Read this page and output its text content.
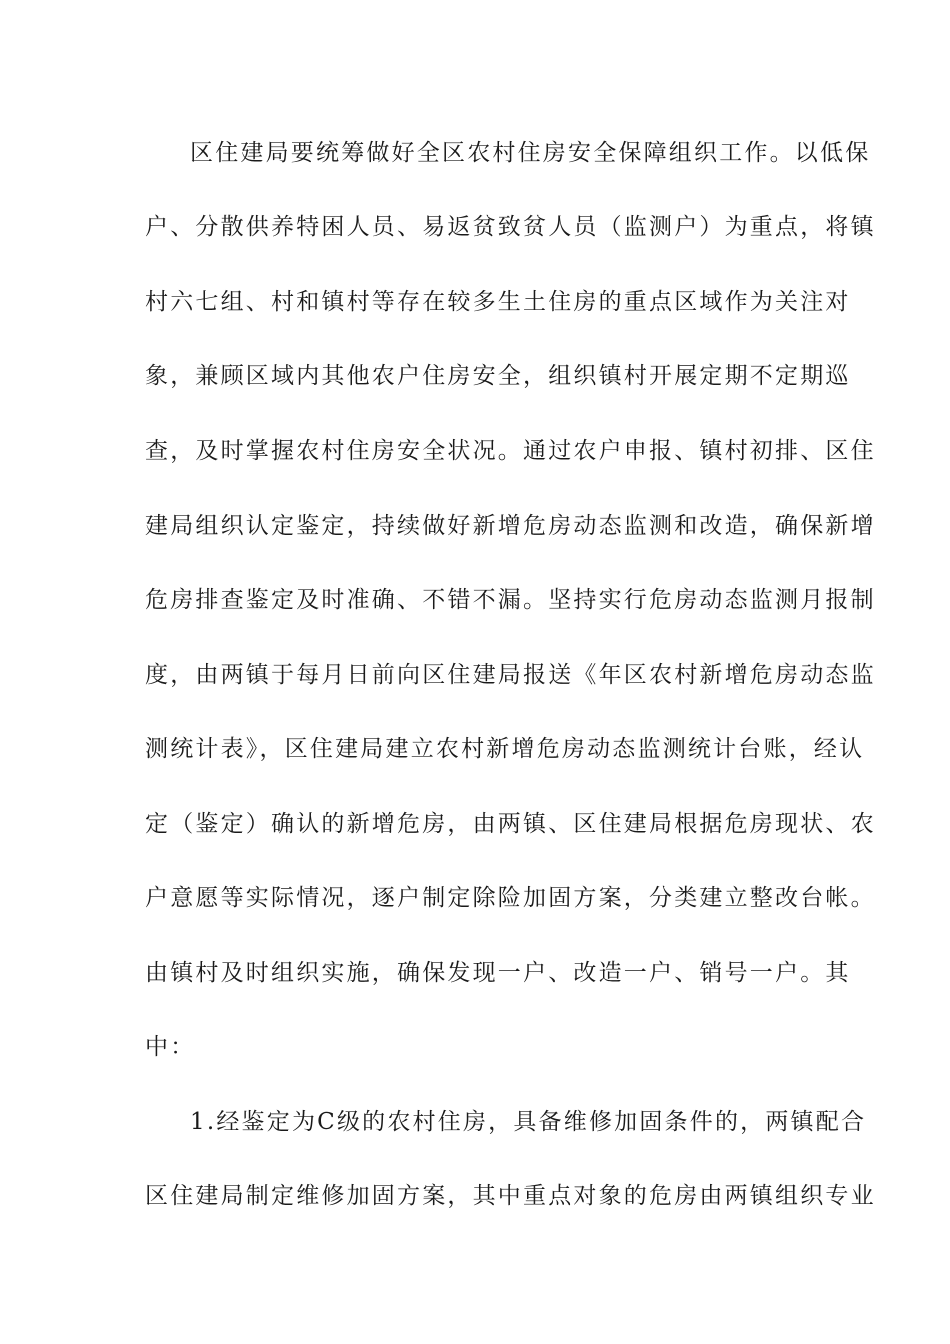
区住建局要统筹做好全区农村住房安全保障组织工作。以低保
户、分散供养特困人员、易返贫致贫人员（监测户）为重点，将镇
村六七组、村和镇村等存在较多生土住房的重点区域作为关注对
象，兼顾区域内其他农户住房安全，组织镇村开展定期不定期巡
查，及时掌握农村住房安全状况。通过农户申报、镇村初排、区住
建局组织认定鉴定，持续做好新增危房动态监测和改造，确保新增
危房排查鉴定及时准确、不错不漏。坚持实行危房动态监测月报制
度，由两镇于每月日前向区住建局报送《年区农村新增危房动态监
测统计表》，区住建局建立农村新增危房动态监测统计台账，经认
定（鉴定）确认的新增危房，由两镇、区住建局根据危房现状、农
户意愿等实际情况，逐户制定除险加固方案，分类建立整改台帐。
由镇村及时组织实施，确保发现一户、改造一户、销号一户。其
中：
1.经鉴定为C级的农村住房，具备维修加固条件的，两镇配合
区住建局制定维修加固方案，其中重点对象的危房由两镇组织专业
